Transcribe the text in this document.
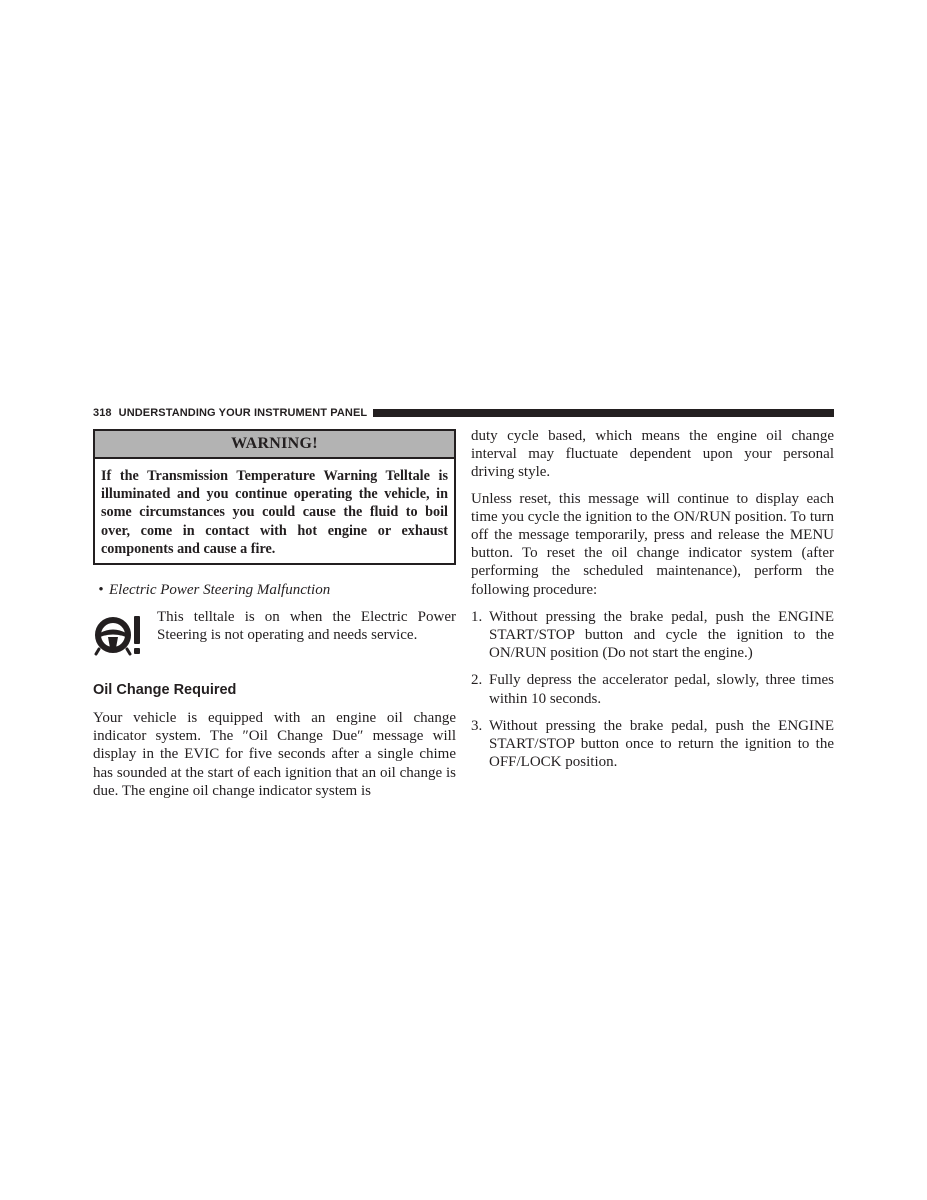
318 UNDERSTANDING YOUR INSTRUMENT PANEL
WARNING!
If the Transmission Temperature Warning Telltale is illuminated and you continue operating the vehicle, in some circumstances you could cause the fluid to boil over, come in contact with hot engine or exhaust components and cause a fire.
• Electric Power Steering Malfunction
This telltale is on when the Electric Power Steering is not operating and needs service.
Oil Change Required

Your vehicle is equipped with an engine oil change indicator system. The ″Oil Change Due″ message will display in the EVIC for five seconds after a single chime has sounded at the start of each ignition that an oil change is due. The engine oil change indicator system is

duty cycle based, which means the engine oil change interval may fluctuate dependent upon your personal driving style.

Unless reset, this message will continue to display each time you cycle the ignition to the ON/RUN position. To turn off the message temporarily, press and release the MENU button. To reset the oil change indicator system (after performing the scheduled maintenance), perform the following procedure:

1. Without pressing the brake pedal, push the ENGINE START/STOP button and cycle the ignition to the ON/RUN position (Do not start the engine.)
2. Fully depress the accelerator pedal, slowly, three times within 10 seconds.
3. Without pressing the brake pedal, push the ENGINE START/STOP button once to return the ignition to the OFF/LOCK position.
